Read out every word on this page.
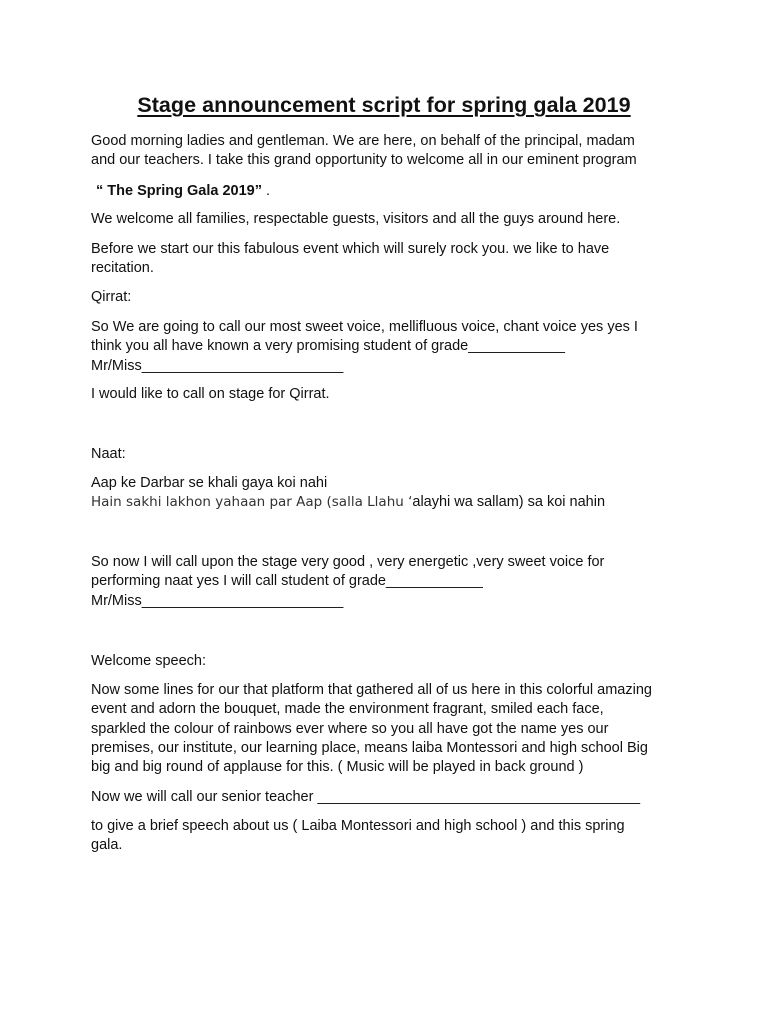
Stage announcement script for spring gala 2019
Good morning ladies and gentleman. We are here, on behalf of the principal, madam
and our teachers. I take this grand opportunity to welcome all in our eminent program
“ The Spring Gala 2019” .
We welcome all families, respectable guests, visitors and all the guys around here.
Before we start our this fabulous event which will surely rock you. we like to have
recitation.
Qirrat:
So We are going to call our most sweet voice, mellifluous voice, chant voice yes yes I
think you all have known a very promising student of grade____________
Mr/Miss_________________________
I would like to call on stage for Qirrat.
Naat:
Aap ke Darbar se khali gaya koi nahi
Hain sakhi lakhon yahaan par Aap (salla Llahu ‘alayhi wa sallam) sa koi nahin
So now I will call upon the stage very good , very energetic ,very sweet voice for
performing naat yes I will call student of grade____________
Mr/Miss_________________________
Welcome speech:
Now some lines for our that platform that gathered all of us here in this colorful amazing
event and adorn the bouquet, made the environment fragrant, smiled each face,
sparkled the colour of rainbows ever where so you all have got the name yes our
premises, our institute, our learning place, means laiba Montessori and high school Big
big and big round of applause for this. ( Music will be played in back ground )
Now we will call our senior teacher ________________________________________
to give a brief speech about us ( Laiba Montessori and high school ) and this spring
gala.
